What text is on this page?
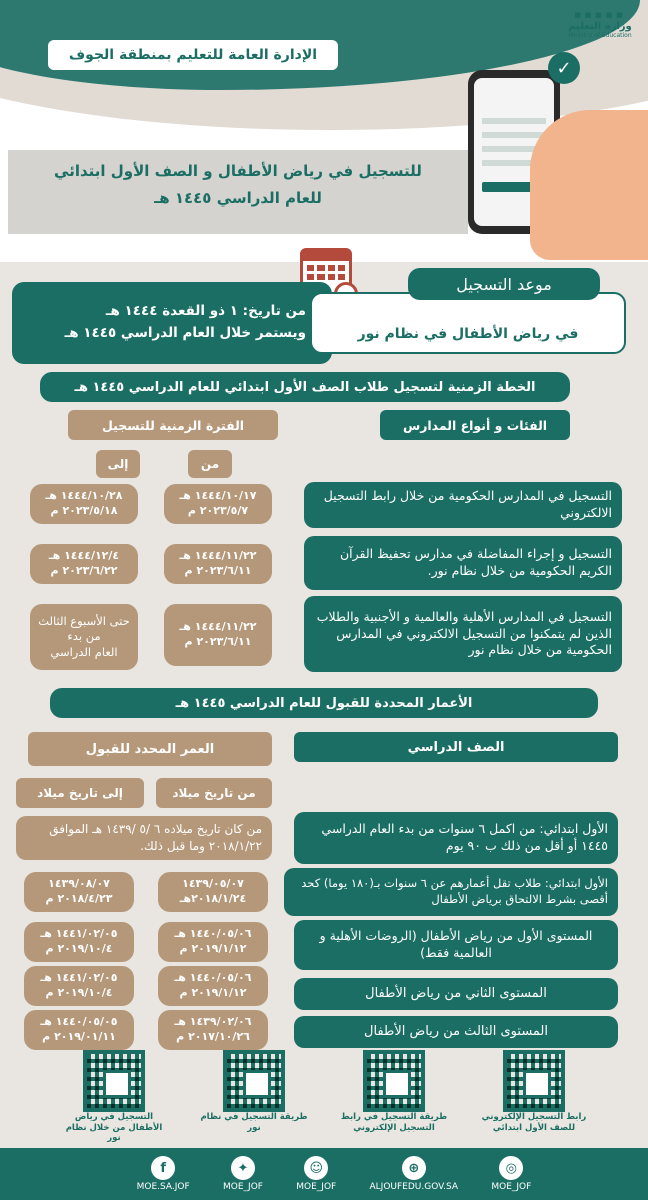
الإدارة العامة للتعليم بمنطقة الجوف
▪▪▪▪▪
وزارة التعليم
Ministry of Education
✓
للتسجيل في رياض الأطفال و الصف الأول ابتدائي
للعام الدراسي ١٤٤٥ هـ
من تاريخ: ١ ذو القعدة ١٤٤٤ هـ
ويستمر خلال العام الدراسي ١٤٤٥ هـ	في رياض الأطفال في نظام نور
موعد التسجيل
الخطة الزمنية لتسجيل طلاب الصف الأول ابتدائي للعام الدراسي ١٤٤٥ هـ
الفئات و أنواع المدارس
الفترة الزمنية للتسجيل
من
إلى
التسجيل في المدارس الحكومية من خلال رابط التسجيل الالكتروني
١٤٤٤/١٠/١٧ هـ
٢٠٢٣/٥/٧ م
١٤٤٤/١٠/٢٨ هـ
٢٠٢٣/٥/١٨ م
التسجيل و إجراء المفاضلة في مدارس تحفيظ القرآن الكريم الحكومية من خلال نظام نور.
١٤٤٤/١١/٢٢ هـ
٢٠٢٣/٦/١١ م
١٤٤٤/١٢/٤ هـ
٢٠٢٣/٦/٢٢ م
التسجيل في المدارس الأهلية والعالمية و الأجنبية والطلاب الذين لم يتمكنوا من التسجيل الالكتروني في المدارس الحكومية من خلال نظام نور
١٤٤٤/١١/٢٢ هـ
٢٠٢٣/٦/١١ م
حتى الأسبوع الثالث من بدء
العام الدراسي
الأعمار المحددة للقبول للعام الدراسي ١٤٤٥ هـ
الصف الدراسي
العمر المحدد للقبول
من تاريخ ميلاد
إلى تاريخ ميلاد
الأول ابتدائي: من اكمل ٦ سنوات من بدء العام الدراسي ١٤٤٥ أو أقل من ذلك ب ٩٠ يوم
من كان تاريخ ميلاده ٦ /٥ /١٤٣٩ هـ الموافق ٢٠١٨/١/٢٢ وما قبل ذلك.
الأول ابتدائي: طلاب تقل أعمارهم عن ٦ سنوات بـ(١٨٠ يوما) كحد أقصى بشرط الالتحاق برياض الأطفال
١٤٣٩/٠٥/٠٧
٢٠١٨/١/٢٤هـ
١٤٣٩/٠٨/٠٧
٢٠١٨/٤/٢٣ م
المستوى الأول من رياض الأطفال (الروضات الأهلية و العالمية فقط)
١٤٤٠/٠٥/٠٦ هـ
٢٠١٩/١/١٢ م
١٤٤١/٠٢/٠٥ هـ
٢٠١٩/١٠/٤ م
المستوى الثاني من رياض الأطفال
١٤٤٠/٠٥/٠٦ هـ
٢٠١٩/١/١٢ م
١٤٤١/٠٢/٠٥ هـ
٢٠١٩/١٠/٤ م
المستوى الثالث من رياض الأطفال
١٤٣٩/٠٢/٠٦ هـ
٢٠١٧/١٠/٢٦ م
١٤٤٠/٠٥/٠٥ هـ
٢٠١٩/٠١/١١ م
رابط التسجيل الإلكتروني للصف الأول ابتدائي
طريقة التسجيل في رابط التسجيل الإلكتروني
طريقة التسجيل في نظام نور
التسجيل في رياض الأطفال من خلال نظام نور
◎
MOE_JOF
⊕
ALJOUFEDU.GOV.SA
☺
MOE_JOF
✦
MOE_JOF
f
MOE.SA.JOF
